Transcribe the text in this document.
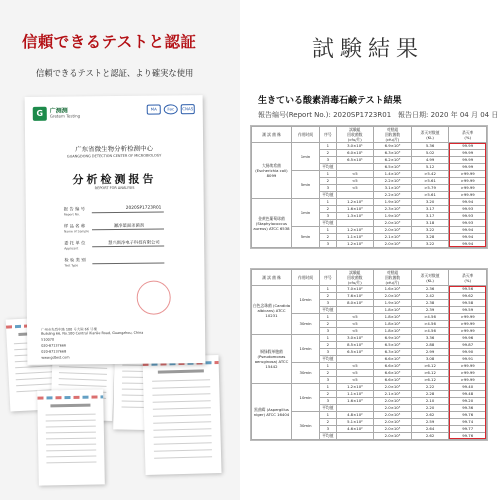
信頼できるテストと認証
信頼できるテストと認証、より確実な使用
G	广测测
Gretem Testing
MA	ilac	CNAS
广东省微生物分析检测中心
GUANGDONG DETECTION CENTER OF MICROBIOLOGY
分析检测报告
REPORT FOR ANALYSIS
报 告 编 号	2020SP1723R01
Report No.
样 品 名 称	瀬净葉面杀菌剂
Name of Sample
委 托 单 位	慧兴斯净电子科技有限公司
Applicant
检 验 类 别
Test Type
广州市先烈中路 100 号大院 66 号楼
Building 66, No.100 Central Xianlie Road, Guangzhou, China
510070
020-87137666
020-87137668
www.gdtest.com
試験結果
生きている酸素消毒石鹸テスト結果
報告编号(Report No.): 2020SP1723R01 報告日期: 2020 年 04 月 04 日
測 試 菌 株	作用时间	序号	試験組
回收菌数
(cfu/片)	对照組
回收菌数
(cfu/片)	杀灭对数值
(KL)	杀灭率
(%)
大肠埃希菌(Escherichia coli) 8099	1min	1	3.0×10¹	6.9×10⁶	5.36	99.99
		2	6.0×10¹	6.3×10⁶	5.02	99.99
		3	6.5×10¹	6.2×10⁶	4.99	99.99
		平均值		6.5×10⁶	5.12	99.99
	5min	1	<5	1.4×10⁶	>5.42	>99.99
		2	<5	2.2×10⁶	>5.61	>99.99
		3	<5	3.1×10⁶	>5.79	>99.99
		平均值		2.2×10⁶	>5.61	>99.99
金黄色葡萄球菌(Staphylococcus aureus) ATCC 6538	1min	1	1.2×10³	1.9×10⁶	3.20	99.94
		2	1.6×10³	2.3×10⁶	3.17	99.93
		3	1.3×10³	1.9×10⁶	3.17	99.93
		平均值		2.0×10⁶	3.18	99.93
	5min	1	1.2×10³	2.0×10⁶	3.22	99.94
		2	1.1×10³	2.1×10⁶	3.28	99.94
		3	1.2×10³	2.0×10⁶	3.22	99.94
測 試 菌 株	作用时间	序号	試験組
回收菌数
(cfu/片)	对照組
回收菌数
(cfu/片)	杀灭对数值
(KL)	杀灭率
(%)
白色念珠菌 (Candida albicans) ATCC 10231	10min	1	7.0×10²	1.6×10⁵	2.36	99.56
		2	7.6×10²	2.0×10⁵	2.42	99.62
		3	8.0×10²	1.9×10⁵	2.38	99.58
		平均值		1.8×10⁵	2.39	99.59
	30min	1	<5	1.8×10⁵	>4.56	>99.99
		2	<5	1.8×10⁵	>4.56	>99.99
		3	<5	1.8×10⁵	>4.56	>99.99
铜绿假单胞菌 (Pseudomonas aeruginosa) ATCC 15442	10min	1	3.0×10³	6.9×10⁶	3.36	99.96
		2	8.5×10³	6.5×10⁶	2.88	99.87
		3	6.5×10³	6.3×10⁶	2.99	99.90
		平均值		6.6×10⁶	3.08	99.91
	30min	1	<5	6.6×10⁶	>6.12	>99.99
		2	<5	6.6×10⁶	>6.12	>99.99
		3	<5	6.6×10⁶	>6.12	>99.99
黑曲霉 (Aspergillus niger) ATCC 16404	10min	1	1.2×10³	2.0×10⁵	2.22	99.40
		2	1.1×10³	2.1×10⁵	2.28	99.48
		3	1.6×10³	2.0×10⁵	2.10	99.20
		平均值		2.0×10⁵	2.20	99.36
	30min	1	4.8×10²	2.0×10⁵	2.62	99.76
		2	5.1×10²	2.0×10⁵	2.59	99.74
		3	4.6×10²	2.0×10⁵	2.64	99.77
		平均值		2.0×10⁵	2.62	99.76
